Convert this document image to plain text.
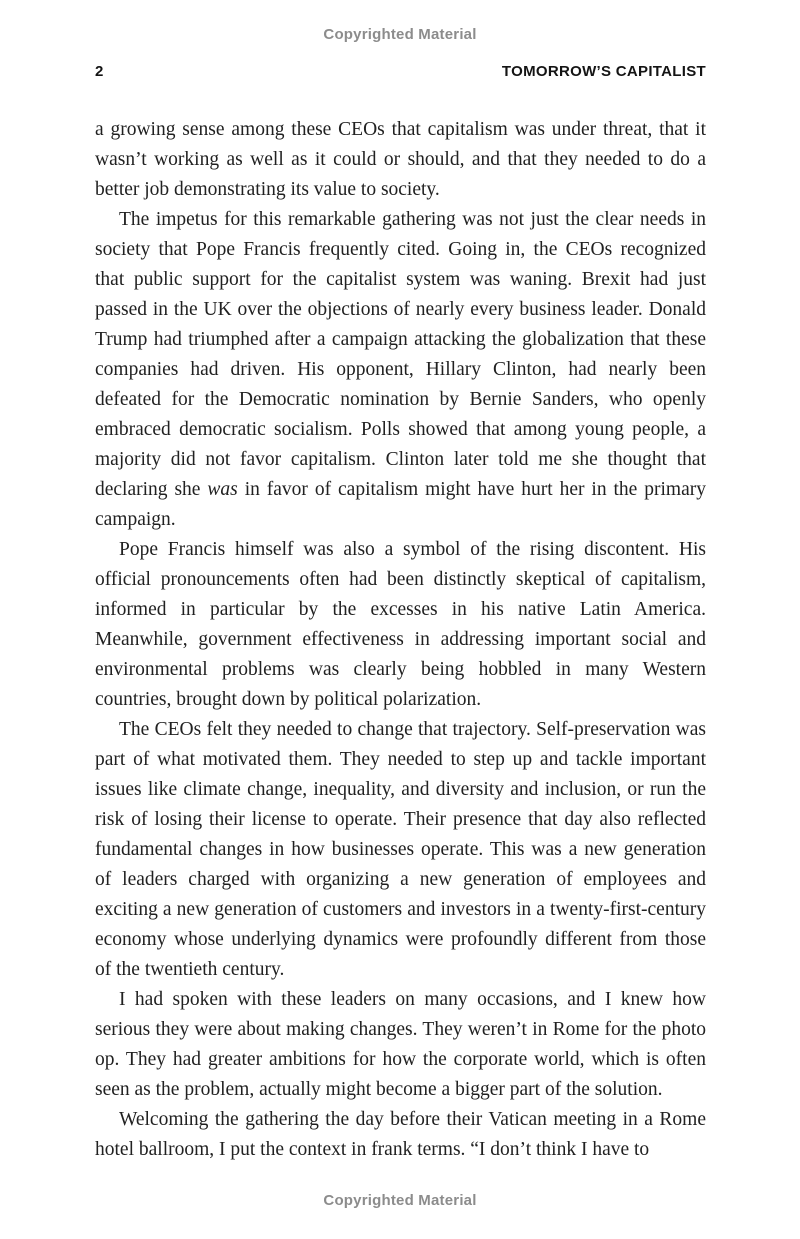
Copyrighted Material
2	TOMORROW’S CAPITALIST

a growing sense among these CEOs that capitalism was under threat, that it wasn’t working as well as it could or should, and that they needed to do a better job demonstrating its value to society.

The impetus for this remarkable gathering was not just the clear needs in society that Pope Francis frequently cited. Going in, the CEOs recognized that public support for the capitalist system was waning. Brexit had just passed in the UK over the objections of nearly every business leader. Donald Trump had triumphed after a campaign attacking the globalization that these companies had driven. His opponent, Hillary Clinton, had nearly been defeated for the Democratic nomination by Bernie Sanders, who openly embraced democratic socialism. Polls showed that among young people, a majority did not favor capitalism. Clinton later told me she thought that declaring she was in favor of capitalism might have hurt her in the primary campaign.

Pope Francis himself was also a symbol of the rising discontent. His official pronouncements often had been distinctly skeptical of capitalism, informed in particular by the excesses in his native Latin America. Meanwhile, government effectiveness in addressing important social and environmental problems was clearly being hobbled in many Western countries, brought down by political polarization.

The CEOs felt they needed to change that trajectory. Self-preservation was part of what motivated them. They needed to step up and tackle important issues like climate change, inequality, and diversity and inclusion, or run the risk of losing their license to operate. Their presence that day also reflected fundamental changes in how businesses operate. This was a new generation of leaders charged with organizing a new generation of employees and exciting a new generation of customers and investors in a twenty-first-century economy whose underlying dynamics were profoundly different from those of the twentieth century.

I had spoken with these leaders on many occasions, and I knew how serious they were about making changes. They weren’t in Rome for the photo op. They had greater ambitions for how the corporate world, which is often seen as the problem, actually might become a bigger part of the solution.

Welcoming the gathering the day before their Vatican meeting in a Rome hotel ballroom, I put the context in frank terms. “I don’t think I have to

Copyrighted Material
